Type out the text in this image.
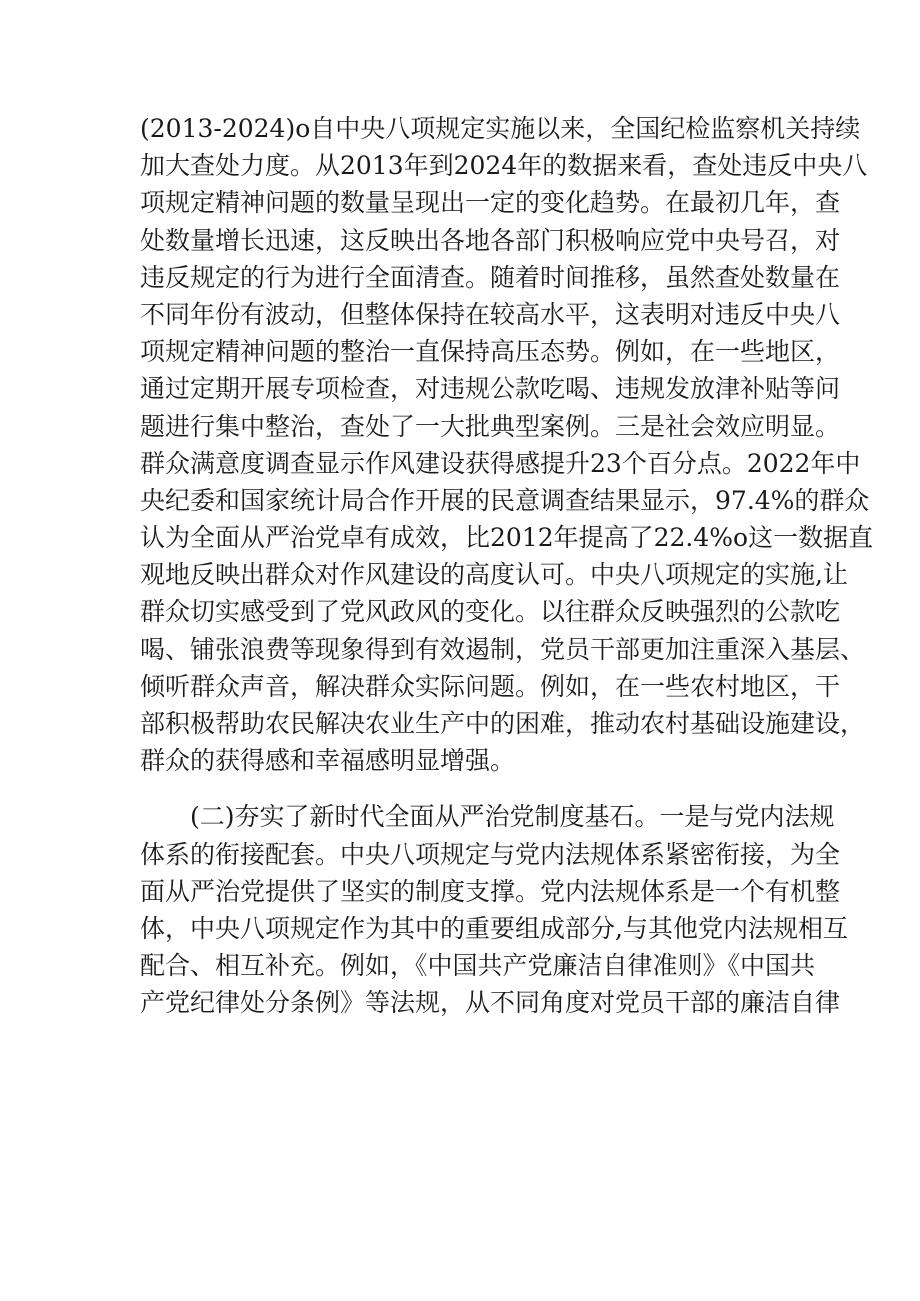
(2013-2024)o自中央八项规定实施以来，全国纪检监察机关持续
加大查处力度。从2013年到2024年的数据来看，查处违反中央八
项规定精神问题的数量呈现出一定的变化趋势。在最初几年，查
处数量增长迅速，这反映出各地各部门积极响应党中央号召，对
违反规定的行为进行全面清查。随着时间推移，虽然查处数量在
不同年份有波动，但整体保持在较高水平，这表明对违反中央八
项规定精神问题的整治一直保持高压态势。例如，在一些地区，
通过定期开展专项检查，对违规公款吃喝、违规发放津补贴等问
题进行集中整治，查处了一大批典型案例。三是社会效应明显。
群众满意度调查显示作风建设获得感提升23个百分点。2022年中
央纪委和国家统计局合作开展的民意调查结果显示，97.4%的群众
认为全面从严治党卓有成效，比2012年提高了22.4%o这一数据直
观地反映出群众对作风建设的高度认可。中央八项规定的实施,让
群众切实感受到了党风政风的变化。以往群众反映强烈的公款吃
喝、铺张浪费等现象得到有效遏制，党员干部更加注重深入基层、
倾听群众声音，解决群众实际问题。例如，在一些农村地区，干
部积极帮助农民解决农业生产中的困难，推动农村基础设施建设，
群众的获得感和幸福感明显增强。
(二)夯实了新时代全面从严治党制度基石。一是与党内法规
体系的衔接配套。中央八项规定与党内法规体系紧密衔接，为全
面从严治党提供了坚实的制度支撑。党内法规体系是一个有机整
体，中央八项规定作为其中的重要组成部分,与其他党内法规相互
配合、相互补充。例如，《中国共产党廉洁自律准则》《中国共
产党纪律处分条例》等法规，从不同角度对党员干部的廉洁自律
